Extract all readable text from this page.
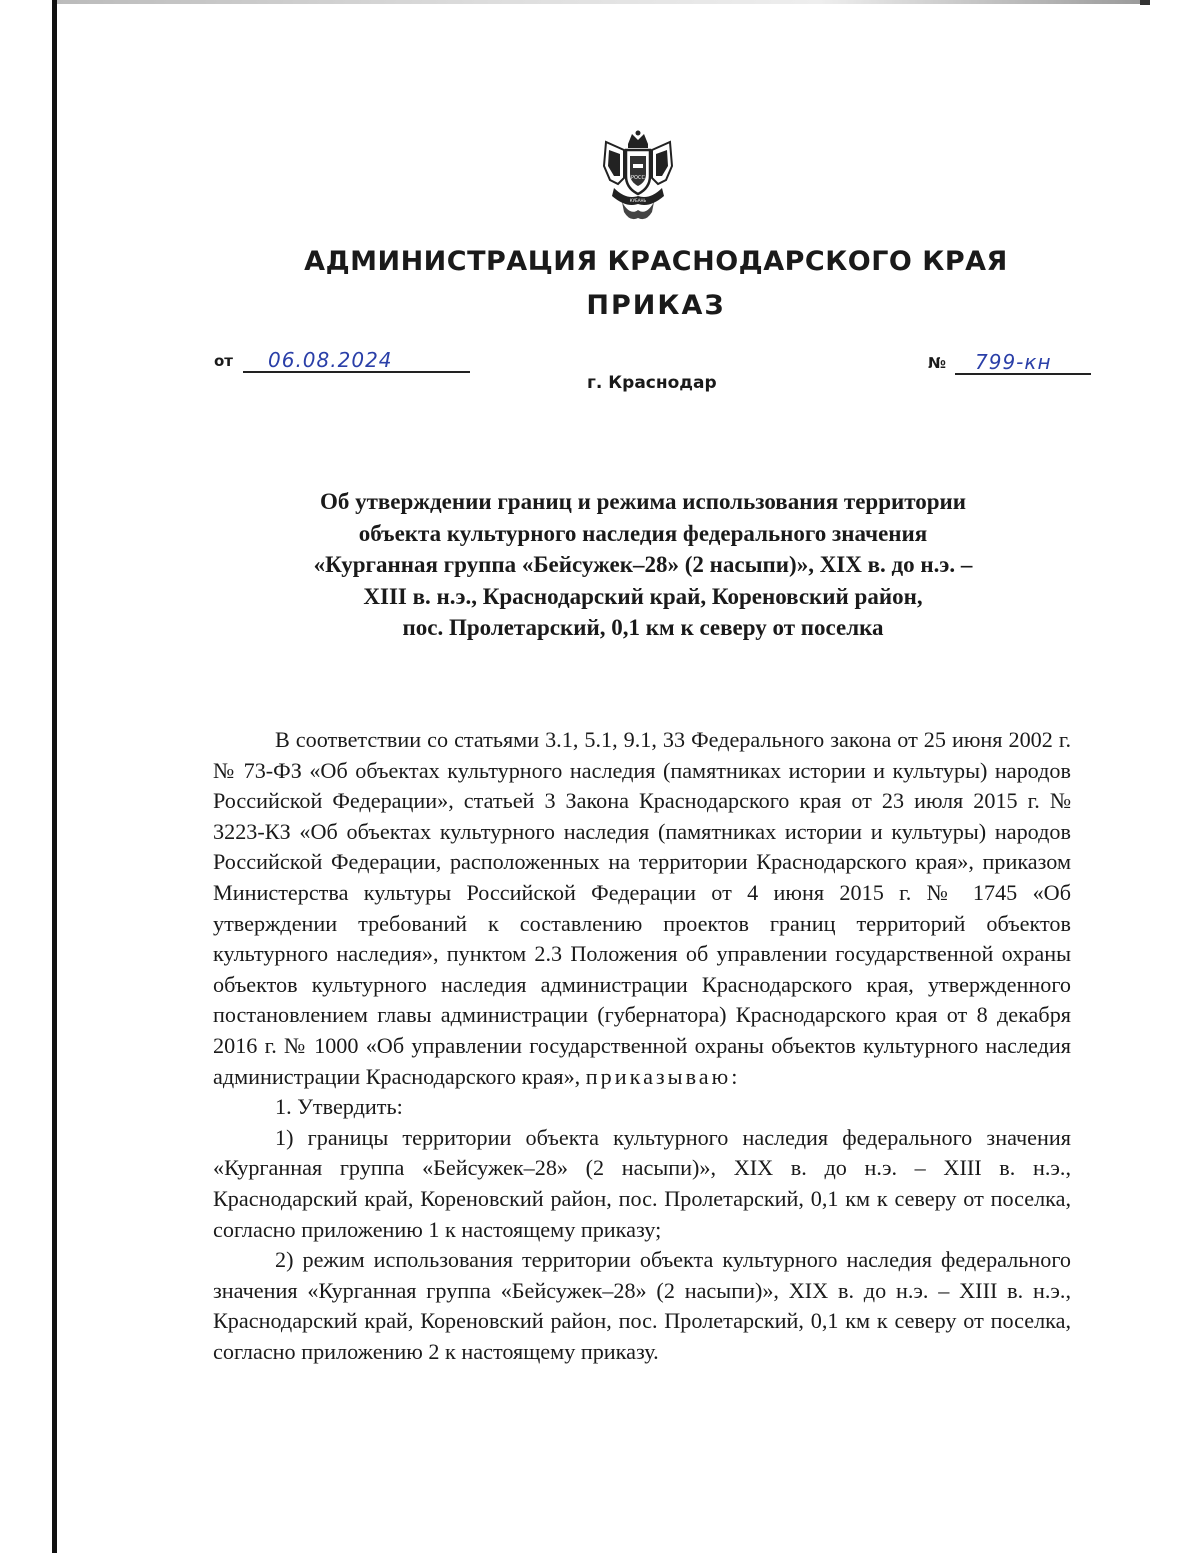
РОСС
КУБАНЬ
АДМИНИСТРАЦИЯ КРАСНОДАРСКОГО КРАЯ
ПРИКАЗ
от 06.08.2024
г. Краснодар
№ 799-кн
Об утверждении границ и режима использования территории
объекта культурного наследия федерального значения
«Курганная группа «Бейсужек–28» (2 насыпи)», XIX в. до н.э. –
XIII в. н.э., Краснодарский край, Кореновский район,
пос. Пролетарский, 0,1 км к северу от поселка

В соответствии со статьями 3.1, 5.1, 9.1, 33 Федерального закона от 25 июня 2002 г. № 73-ФЗ «Об объектах культурного наследия (памятниках истории и культуры) народов Российской Федерации», статьей 3 Закона Краснодарского края от 23 июля 2015 г. № 3223-КЗ «Об объектах культурного наследия (памятниках истории и культуры) народов Российской Федерации, расположенных на территории Краснодарского края», приказом Министерства культуры Российской Федерации от 4 июня 2015 г. № 1745 «Об утверждении требований к составлению проектов границ территорий объектов культурного наследия», пунктом 2.3 Положения об управлении государственной охраны объектов культурного наследия администрации Краснодарского края, утвержденного постановлением главы администрации (губернатора) Краснодарского края от 8 декабря 2016 г. № 1000 «Об управлении государственной охраны объектов культурного наследия администрации Краснодарского края», приказываю:

1. Утвердить:

1) границы территории объекта культурного наследия федерального значения «Курганная группа «Бейсужек–28» (2 насыпи)», XIX в. до н.э. – XIII в. н.э., Краснодарский край, Кореновский район, пос. Пролетарский, 0,1 км к северу от поселка, согласно приложению 1 к настоящему приказу;

2) режим использования территории объекта культурного наследия федерального значения «Курганная группа «Бейсужек–28» (2 насыпи)», XIX в. до н.э. – XIII в. н.э., Краснодарский край, Кореновский район, пос. Пролетарский, 0,1 км к северу от поселка, согласно приложению 2 к настоящему приказу.
